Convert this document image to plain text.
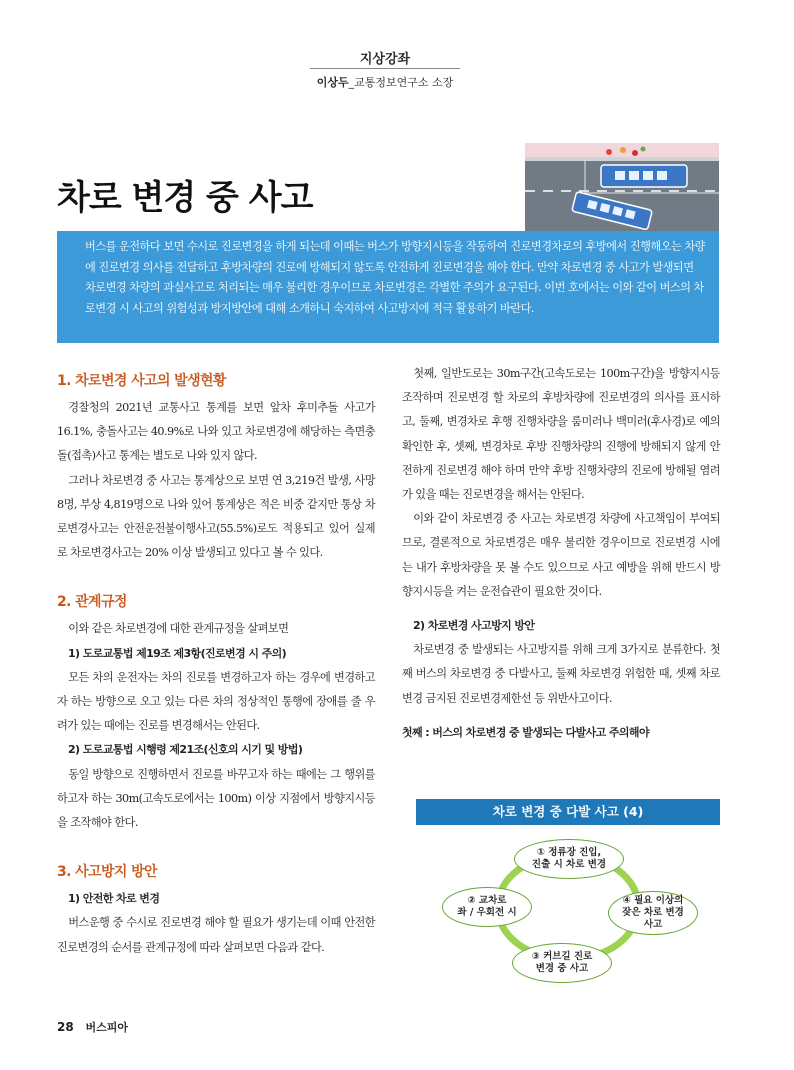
지상강좌
이상두_교통정보연구소 소장
차로 변경 중 사고

버스를 운전하다 보면 수시로 진로변경을 하게 되는데 이때는 버스가 방향지시등을 작동하여 진로변경차로의 후방에서 진행해오는 차량에 진로변경 의사를 전달하고 후방차량의 진로에 방해되지 않도록 안전하게 진로변경을 해야 한다. 만약 차로변경 중 사고가 발생되면 차로변경 차량의 과실사고로 처리되는 매우 불리한 경우이므로 차로변경은 각별한 주의가 요구된다. 이번 호에서는 이와 같이 버스의 차로변경 시 사고의 위험성과 방지방안에 대해 소개하니 숙지하여 사고방지에 적극 활용하기 바란다.

1. 차로변경 사고의 발생현황

경찰청의 2021년 교통사고 통계를 보면 앞차 후미추돌 사고가 16.1%, 충돌사고는 40.9%로 나와 있고 차로변경에 해당하는 측면충돌(접촉)사고 통계는 별도로 나와 있지 않다.

그러나 차로변경 중 사고는 통계상으로 보면 연 3,219건 발생, 사망 8명, 부상 4,819명으로 나와 있어 통계상은 적은 비중 같지만 통상 차로변경사고는 안전운전불이행사고(55.5%)로도 적용되고 있어 실제로 차로변경사고는 20% 이상 발생되고 있다고 볼 수 있다.

2. 관계규정

이와 같은 차로변경에 대한 관계규정을 살펴보면

1) 도로교통법 제19조 제3항(진로변경 시 주의)

모든 차의 운전자는 차의 진로를 변경하고자 하는 경우에 변경하고자 하는 방향으로 오고 있는 다른 차의 정상적인 통행에 장애를 줄 우려가 있는 때에는 진로를 변경해서는 안된다.

2) 도로교통법 시행령 제21조(신호의 시기 및 방법)

동일 방향으로 진행하면서 진로를 바꾸고자 하는 때에는 그 행위를 하고자 하는 30m(고속도로에서는 100m) 이상 지점에서 방향지시등을 조작해야 한다.

3. 사고방지 방안
1) 안전한 차로 변경

버스운행 중 수시로 진로변경 해야 할 필요가 생기는데 이때 안전한 진로변경의 순서를 관계규정에 따라 살펴보면 다음과 같다.

첫째, 일반도로는 30m구간(고속도로는 100m구간)을 방향지시등 조작하며 진로변경 할 차로의 후방차량에 진로변경의 의사를 표시하고, 둘째, 변경차로 후행 진행차량을 룸미러나 백미러(후사경)로 예의 확인한 후, 셋째, 변경차로 후방 진행차량의 진행에 방해되지 않게 안전하게 진로변경 해야 하며 만약 후방 진행차량의 진로에 방해될 염려가 있을 때는 진로변경을 해서는 안된다.

이와 같이 차로변경 중 사고는 차로변경 차량에 사고책임이 부여되므로, 결론적으로 차로변경은 매우 불리한 경우이므로 진로변경 시에는 내가 후방차량을 못 볼 수도 있으므로 사고 예방을 위해 반드시 방향지시등을 켜는 운전습관이 필요한 것이다.

2) 차로변경 사고방지 방안

차로변경 중 발생되는 사고방지를 위해 크게 3가지로 분류한다. 첫째 버스의 차로변경 중 다발사고, 둘째 차로변경 위험한 때, 셋째 차로변경 금지된 진로변경제한선 등 위반사고이다.

첫째 : 버스의 차로변경 중 발생되는 다발사고 주의해야
차로 변경 중 다발 사고 (4)
① 정류장 진입,
진출 시 차로 변경
② 교차로
좌 / 우회전 시
④ 필요 이상의
잦은 차로 변경
사고
③ 커브길 진로
변경 중 사고
28 버스피아
